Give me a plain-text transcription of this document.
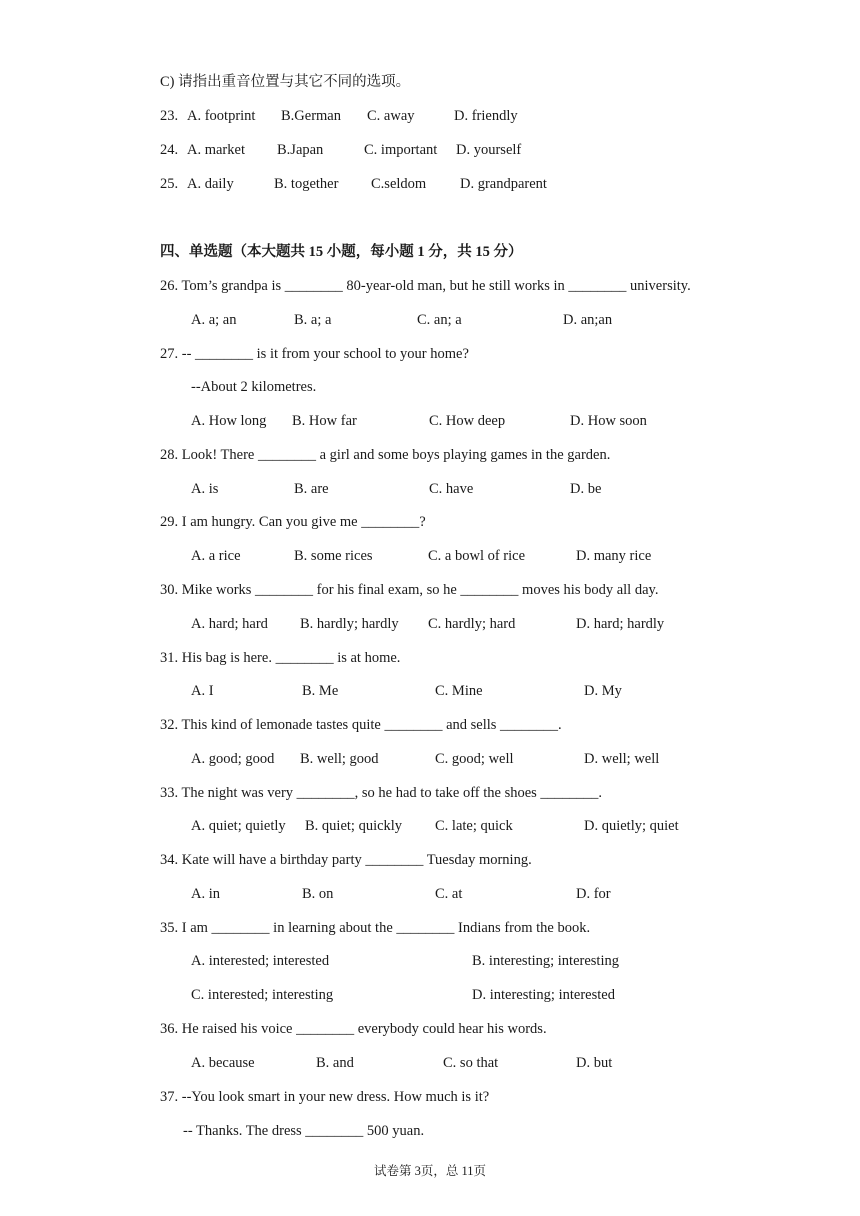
C) 请指出重音位置与其它不同的选项。
23. A. footprint B.German C. away	D. friendly
24. A. market B.Japan	C. important D. yourself
25. A. daily	B. together C.seldom D. grandparent
四、单选题（本大题共 15 小题，每小题 1 分，共 15 分）
26. Tom’s grandpa is ________ 80-year-old man, but he still works in ________ university.
A. a; an	B. a; a	C. an; a	D. an;an
27. -- ________ is it from your school to your home?
--About 2 kilometres.
A. How long B. How far	C. How deep	D. How soon
28. Look! There ________ a girl and some boys playing games in the garden.
A. is	B. are	C. have	D. be
29. I am hungry. Can you give me ________?
A. a rice	B. some rices	C. a bowl of rice	D. many rice
30. Mike works ________ for his final exam, so he ________ moves his body all day.
A. hard; hard B. hardly; hardly C. hardly; hard	D. hard; hardly
31. His bag is here. ________ is at home.
A. I	B. Me	C. Mine	D. My
32. This kind of lemonade tastes quite ________ and sells ________.
A. good; good B. well; good	C. good; well	D. well; well
33. The night was very ________, so he had to take off the shoes ________.
A. quiet; quietly B. quiet; quickly C. late; quick	D. quietly; quiet
34. Kate will have a birthday party ________ Tuesday morning.
A. in	B. on	C. at	D. for
35. I am ________ in learning about the ________ Indians from the book.
A. interested; interested	B. interesting; interesting
C. interested; interesting	D. interesting; interested
36. He raised his voice ________ everybody could hear his words.
A. because	B. and	C. so that	D. but
37. --You look smart in your new dress. How much is it?
-- Thanks. The dress ________ 500 yuan.
试卷第 3页，总 11页
